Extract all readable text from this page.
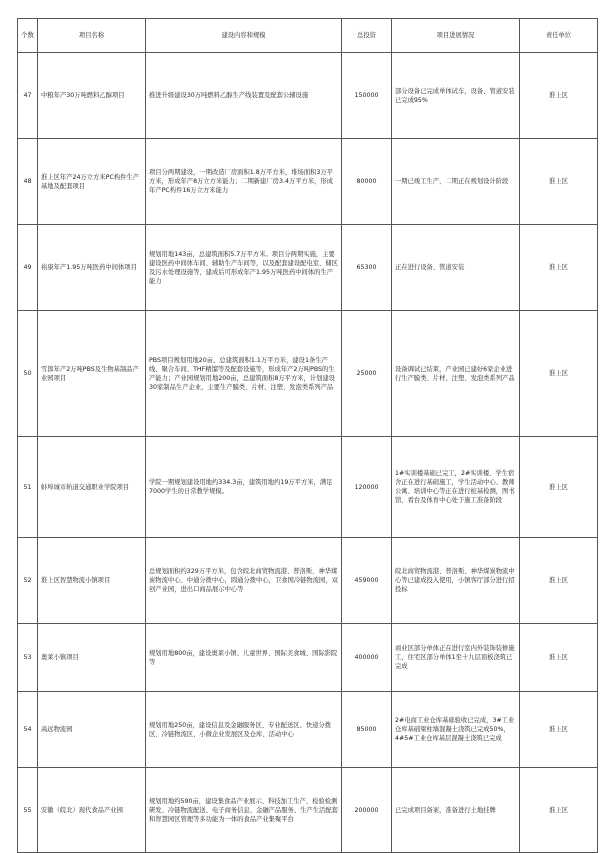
个数	项目名称	建设内容和规模	总投资	项目进展情况	责任单位
47	中粮年产30万吨燃料乙醇项目	推进升级建设30万吨燃料乙醇生产线装置及配套公辅设施	150000	部分设备已完成单体试车，设备、管道安装已完成95%	淮上区
48	淮上区年产24万立方米PC构件生产基地及配套项目	项目分两期建设，一期改造厂房面积1.8万平方米，堆场面积3万平方米，形成年产8万立方米能力；二期新建厂房3.4万平方米，形成年产PC构件16万立方米能力	80000	一期已竣工生产，二期正在规划设计阶段	淮上区
49	裕康年产1.95万吨医药中间体项目	规划用地143亩，总建筑面积5.7万平方米。项目分两期实施，主要建设医药中间体车间、辅助生产车间等，以及配套建设配电室、储区及污水处理设施等，建成后可形成年产1.95万吨医药中间体的生产能力	65300	正在进行设备、管道安装	淮上区
50	雪郎年产2万吨PBS及生物基制品产业园项目	PBS项目规划用地20亩，总建筑面积1.1万平方米，建设1条生产线、聚合车间、THF精馏等及配套设施等，形成年产2万吨PBS的生产能力；产业园规划用地200亩，总建筑面积8万平方米，计划建设30家制品生产企业，主要生产膜类、片材、注塑、发泡类系列产品	25000	设备调试已结束，产业园已建好6家企业进行生产膜类、片材、注塑、发泡类系列产品	淮上区
51	蚌埠城市轨道交通职业学院项目	学院一期规划建设用地约334.3亩，建筑用地约19万平方米，满足7000学生的日常教学规模。	120000	1#实训楼基础已完工，2#实训楼、学生宿舍正在进行基础施工，学生活动中心、教师公寓、培训中心等正在进行桩基检测，图书馆、看台及体育中心处于施工准备阶段	淮上区
52	淮上区智慧物流小镇项目	总规划面积约329万平方米，包含皖北商贸物流港、普洛斯、神华煤炭物流中心、中通分拨中心，圆通分拨中心，卫食国冷链物流园，双创产业园，进出口商品展示中心等	459000	皖北商贸物流港、普洛斯、神华煤炭物流中心等已建成投入使用，小镇客厅部分进行招投标	淮上区
53	奥莱小镇项目	规划用地800亩，建设奥莱小镇、儿童世界、国际美食城、国际影院等	400000	商业区部分单体正在进行室内外装饰装修施工，住宅区部分单体1至十九层顶板浇筑已完成	淮上区
54	高远物流园	规划用地250亩，建设信息及金融服务区、专业配送区、快递分拨区、冷链物流区、小微企业发展区及仓库、活动中心	85000	2#电商工业仓库基础验收已完成，3#工业仓库基础梁柱墙混凝土浇筑已完成50%，4#5#工业仓库基层混凝土浇筑已完成	淮上区
55	安徽（皖北）现代食品产业园	规划用地约590亩，建设集食品产业展示、科技加工生产、检验检测研发、冷链物流配送、电子商务信息、金融产品服务、生产生活配套和智慧园区管理等多功能为一体的食品产业集聚平台	200000	已完成项目备案，准备进行土地挂牌	淮上区
